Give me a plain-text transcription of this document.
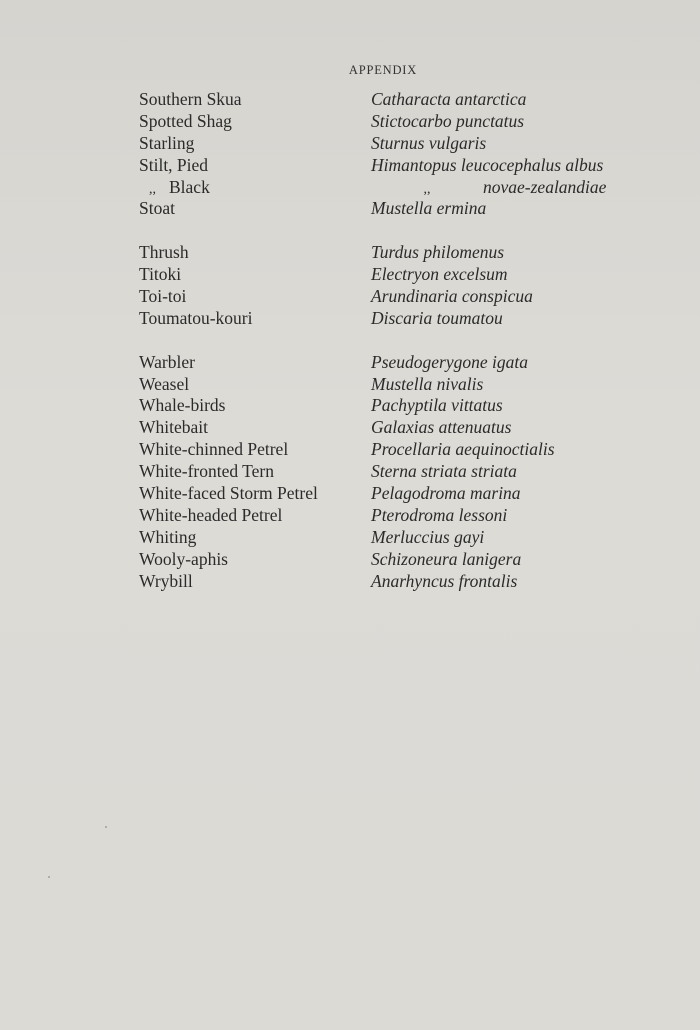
APPENDIX
Southern Skua
Spotted Shag
Starling
Stilt, Pied
,, Black
Stoat
Thrush
Titoki
Toi-toi
Toumatou-kouri
Warbler
Weasel
Whale-birds
Whitebait
White-chinned Petrel
White-fronted Tern
White-faced Storm Petrel
White-headed Petrel
Whiting
Wooly-aphis
Wrybill
Catharacta antarctica
Stictocarbo punctatus
Sturnus vulgaris
Himantopus leucocephalus albus
,,	novae-zealandiae
Mustella ermina
Turdus philomenus
Electryon excelsum
Arundinaria conspicua
Discaria toumatou
Pseudogerygone igata
Mustella nivalis
Pachyptila vittatus
Galaxias attenuatus
Procellaria aequinoctialis
Sterna striata striata
Pelagodroma marina
Pterodroma lessoni
Merluccius gayi
Schizoneura lanigera
Anarhyncus frontalis
